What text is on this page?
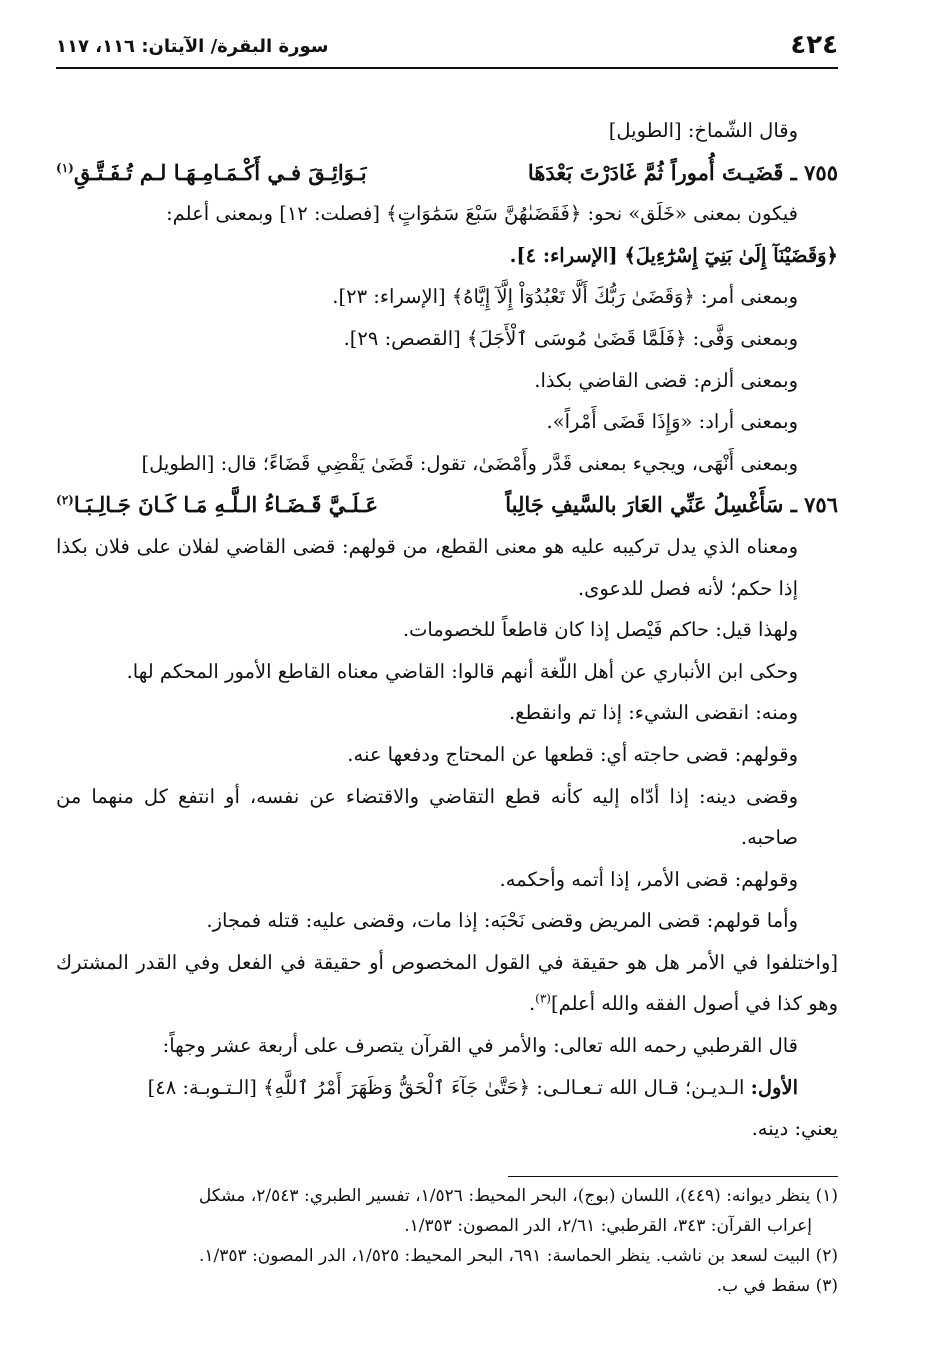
٤٢٤
سورة البقرة/ الآيتان: ١١٦، ١١٧

وقال الشّماخ: [الطويل]

٧٥٥ ـ قَضَيـتَ أُموراً ثُمَّ غَادَرْتَ بَعْدَهَا
بَـوَائِـقَ فـي أَكْـمَـامِـهَـا لـم تُـفَـتَّـقِ$^{(١)}$

فيكون بمعنى «خَلَق» نحو: ﴿فَقَضَىٰهُنَّ سَبْعَ سَمَٰوَاتٍ﴾ [فصلت: ١٢] وبمعنى أعلم:

﴿وَقَضَيْنَآ إِلَىٰ بَنِيٓ إِسْرَٰٓءِيلَ﴾ [الإسراء: ٤].

وبمعنى أمر: ﴿وَقَضَىٰ رَبُّكَ أَلَّا تَعْبُدُوٓاْ إِلَّآ إِيَّاهُ﴾ [الإسراء: ٢٣].

وبمعنى وَفَّى: ﴿فَلَمَّا قَضَىٰ مُوسَى ٱلْأَجَلَ﴾ [القصص: ٢٩].

وبمعنى ألزم: قضى القاضي بكذا.

وبمعنى أراد: «وَإِذَا قَضَى أَمْراً».

وبمعنى أَنْهَى، ويجيء بمعنى قَدَّر وأَمْضَىٰ، تقول: قَضَىٰ يَقْضِي قَضَاءً؛ قال: [الطويل]

٧٥٦ ـ سَأَغْسِلُ عَنِّي العَارَ بالسَّيفِ جَالِباً
عَـلَـيَّ قَـضَـاءُ الـلَّـهِ مَـا كَـانَ جَـالِـبَـا$^{(٢)}$

ومعناه الذي يدل تركيبه عليه هو معنى القطع، من قولهم: قضى القاضي لفلان على فلان بكذا إذا حكم؛ لأنه فصل للدعوى.

ولهذا قيل: حاكم فَيْصل إذا كان قاطعاً للخصومات.

وحكى ابن الأنباري عن أهل اللّغة أنهم قالوا: القاضي معناه القاطع الأمور المحكم لها.

ومنه: انقضى الشيء: إذا تم وانقطع.

وقولهم: قضى حاجته أي: قطعها عن المحتاج ودفعها عنه.

وقضى دينه: إذا أدّاه إليه كأنه قطع التقاضي والاقتضاء عن نفسه، أو انتفع كل منهما من صاحبه.

وقولهم: قضى الأمر، إذا أتمه وأحكمه.

وأما قولهم: قضى المريض وقضى نَحْبَه: إذا مات، وقضى عليه: قتله فمجاز.

[واختلفوا في الأمر هل هو حقيقة في القول المخصوص أو حقيقة في الفعل وفي القدر المشترك وهو كذا في أصول الفقه والله أعلم]$^{(٣)}$.

قال القرطبي رحمه الله تعالى: والأمر في القرآن يتصرف على أربعة عشر وجهاً:

الأول: الـديـن؛ قـال الله تـعـالـى: ﴿حَتَّىٰ جَآءَ ٱلْحَقُّ وَظَهَرَ أَمْرُ ٱللَّهِ﴾ [الـتـوبـة: ٤٨]

يعني: دينه.

(١) ينظر ديوانه: (٤٤٩)، اللسان (بوج)، البحر المحيط: ١/٥٢٦، تفسير الطبري: ٢/٥٤٣، مشكل

إعراب القرآن: ٣٤٣، القرطبي: ٢/٦١، الدر المصون: ١/٣٥٣.

(٢) البيت لسعد بن ناشب. ينظر الحماسة: ٦٩١، البحر المحيط: ١/٥٢٥، الدر المصون: ١/٣٥٣.

(٣) سقط في ب.
